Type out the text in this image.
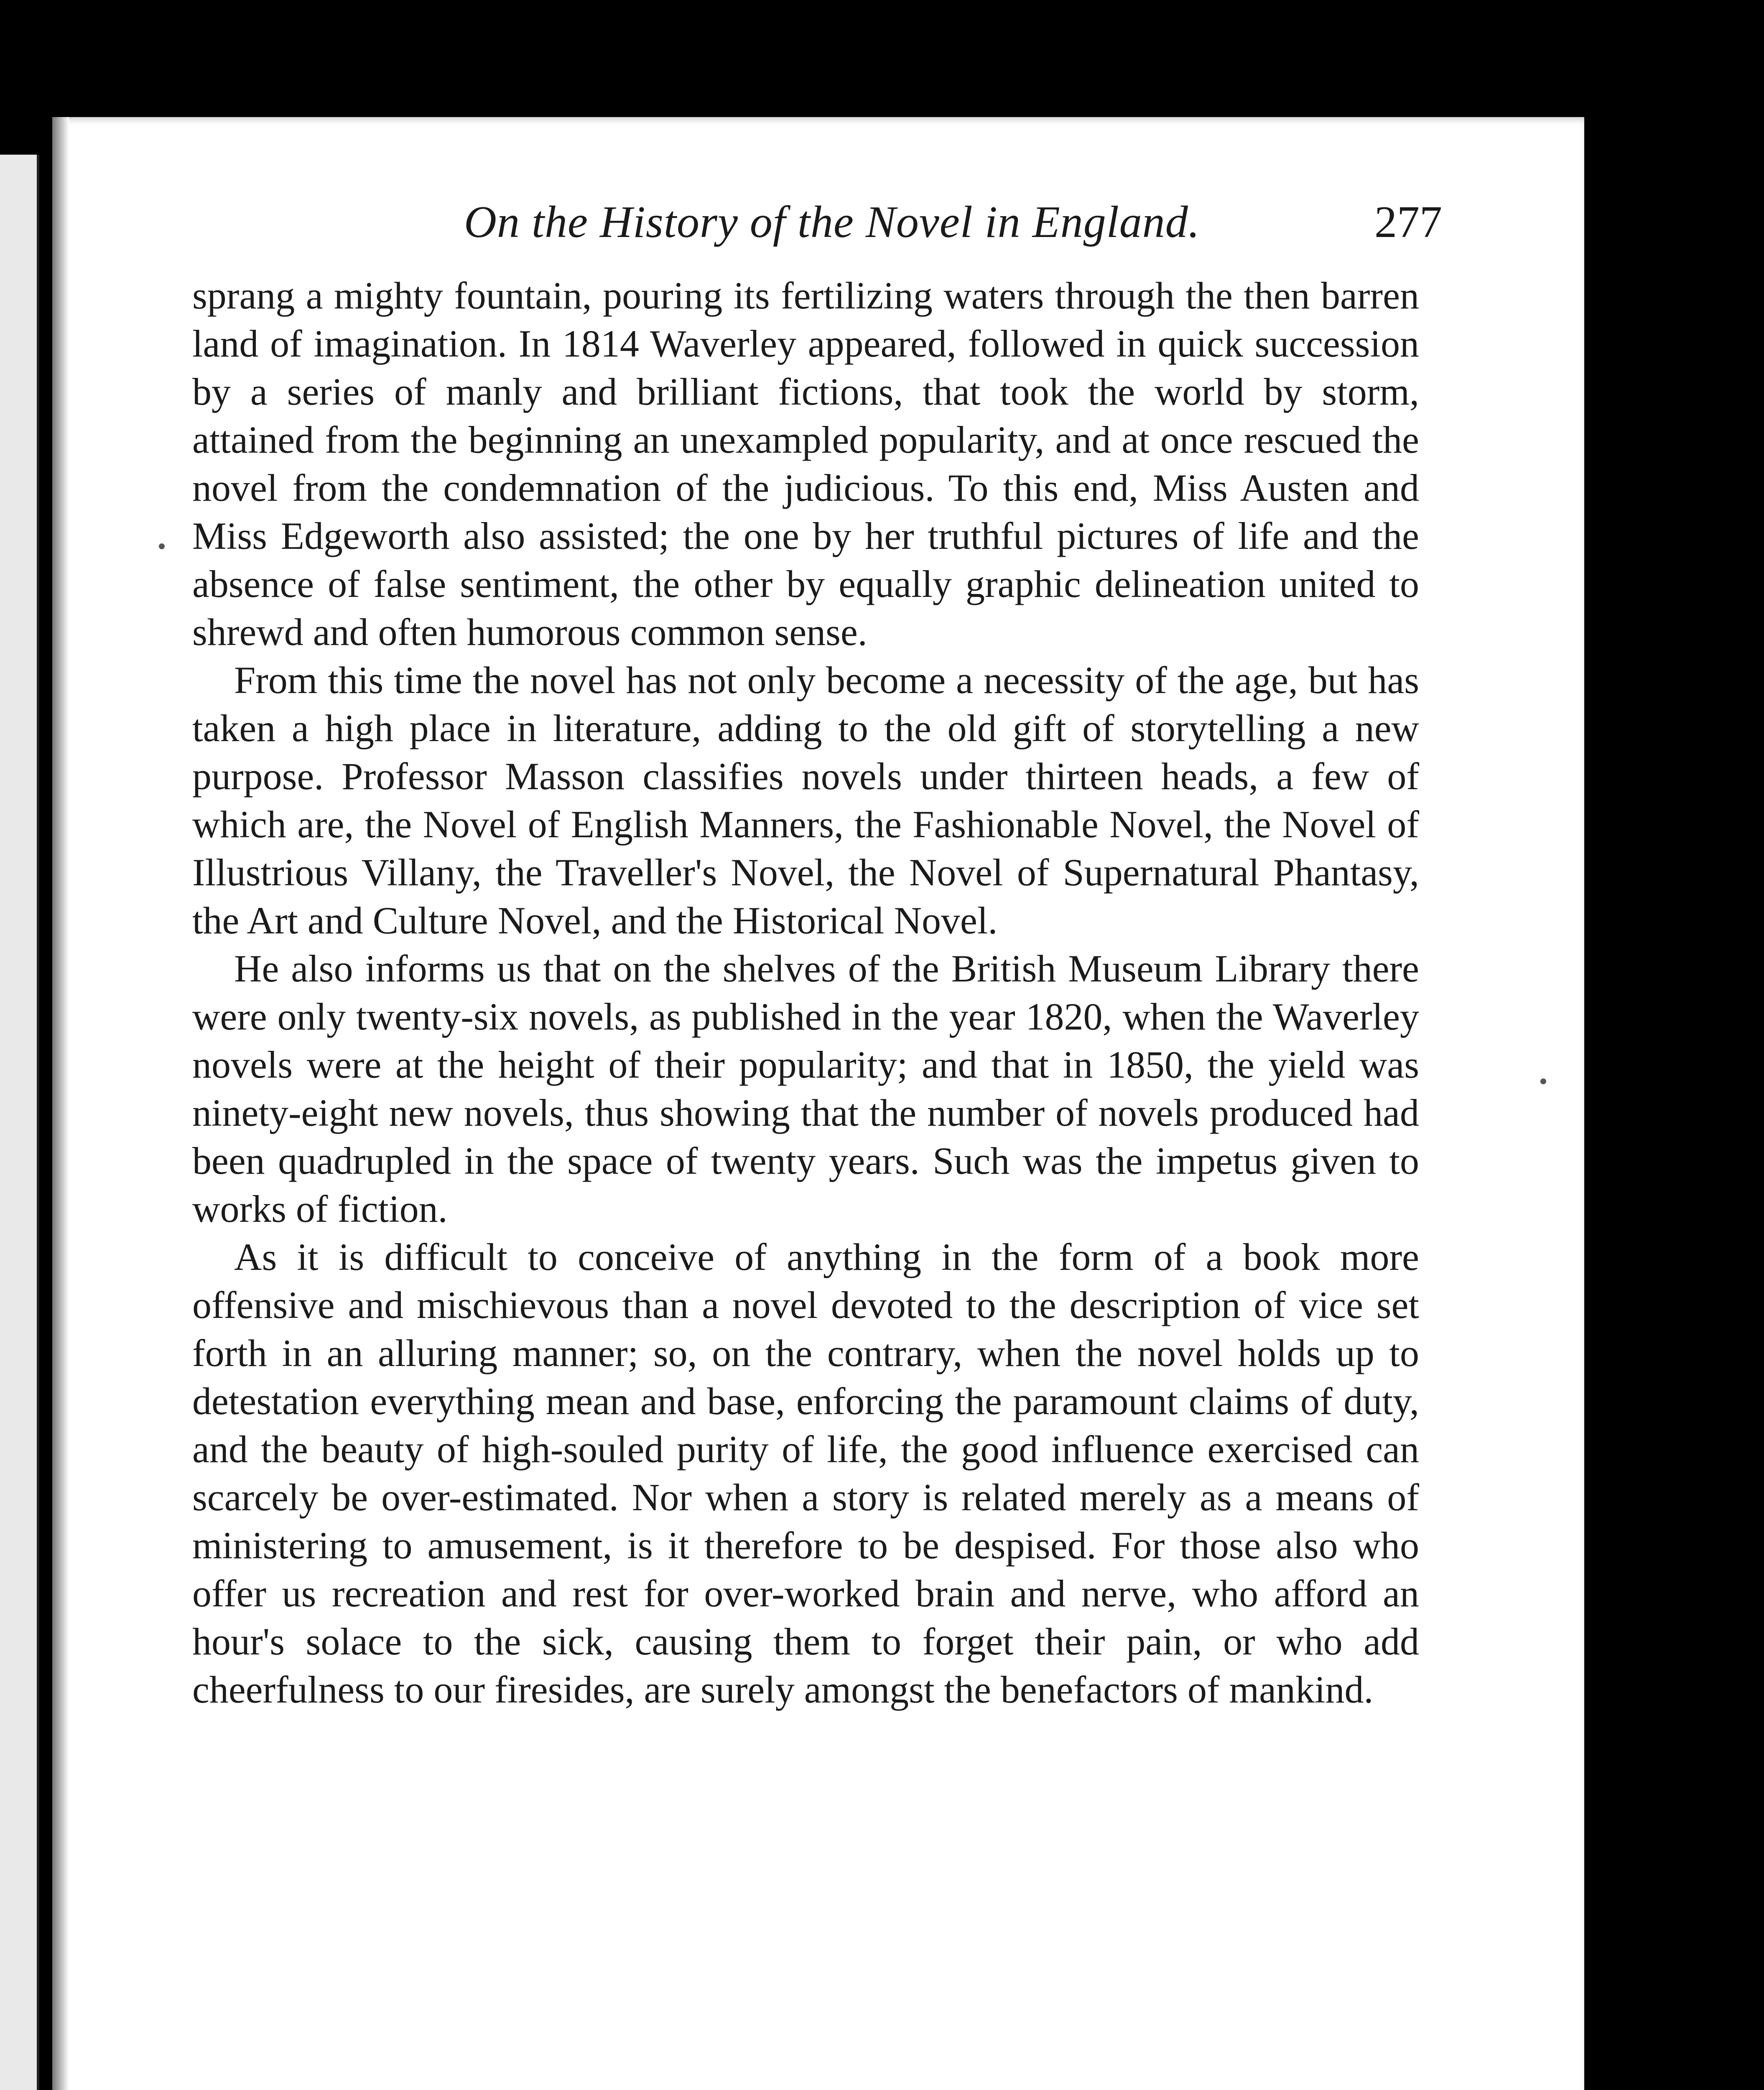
On the History of the Novel in England.	277

sprang a mighty fountain, pouring its fertilizing waters through the then barren land of imagination. In 1814 Waverley appeared, followed in quick succession by a series of manly and brilliant fictions, that took the world by storm, attained from the beginning an unexampled popularity, and at once rescued the novel from the condemnation of the judicious. To this end, Miss Austen and Miss Edgeworth also assisted; the one by her truthful pictures of life and the absence of false sentiment, the other by equally graphic delineation united to shrewd and often humorous common sense.

From this time the novel has not only become a necessity of the age, but has taken a high place in literature, adding to the old gift of storytelling a new purpose. Professor Masson classifies novels under thirteen heads, a few of which are, the Novel of English Manners, the Fashionable Novel, the Novel of Illustrious Villany, the Traveller's Novel, the Novel of Supernatural Phantasy, the Art and Culture Novel, and the Historical Novel.

He also informs us that on the shelves of the British Museum Library there were only twenty-six novels, as published in the year 1820, when the Waverley novels were at the height of their popularity; and that in 1850, the yield was ninety-eight new novels, thus showing that the number of novels produced had been quadrupled in the space of twenty years. Such was the impetus given to works of fiction.

As it is difficult to conceive of anything in the form of a book more offensive and mischievous than a novel devoted to the description of vice set forth in an alluring manner; so, on the contrary, when the novel holds up to detestation everything mean and base, enforcing the paramount claims of duty, and the beauty of high-souled purity of life, the good influence exercised can scarcely be over-estimated. Nor when a story is related merely as a means of ministering to amusement, is it therefore to be despised. For those also who offer us recreation and rest for over-worked brain and nerve, who afford an hour's solace to the sick, causing them to forget their pain, or who add cheerfulness to our firesides, are surely amongst the benefactors of mankind.
